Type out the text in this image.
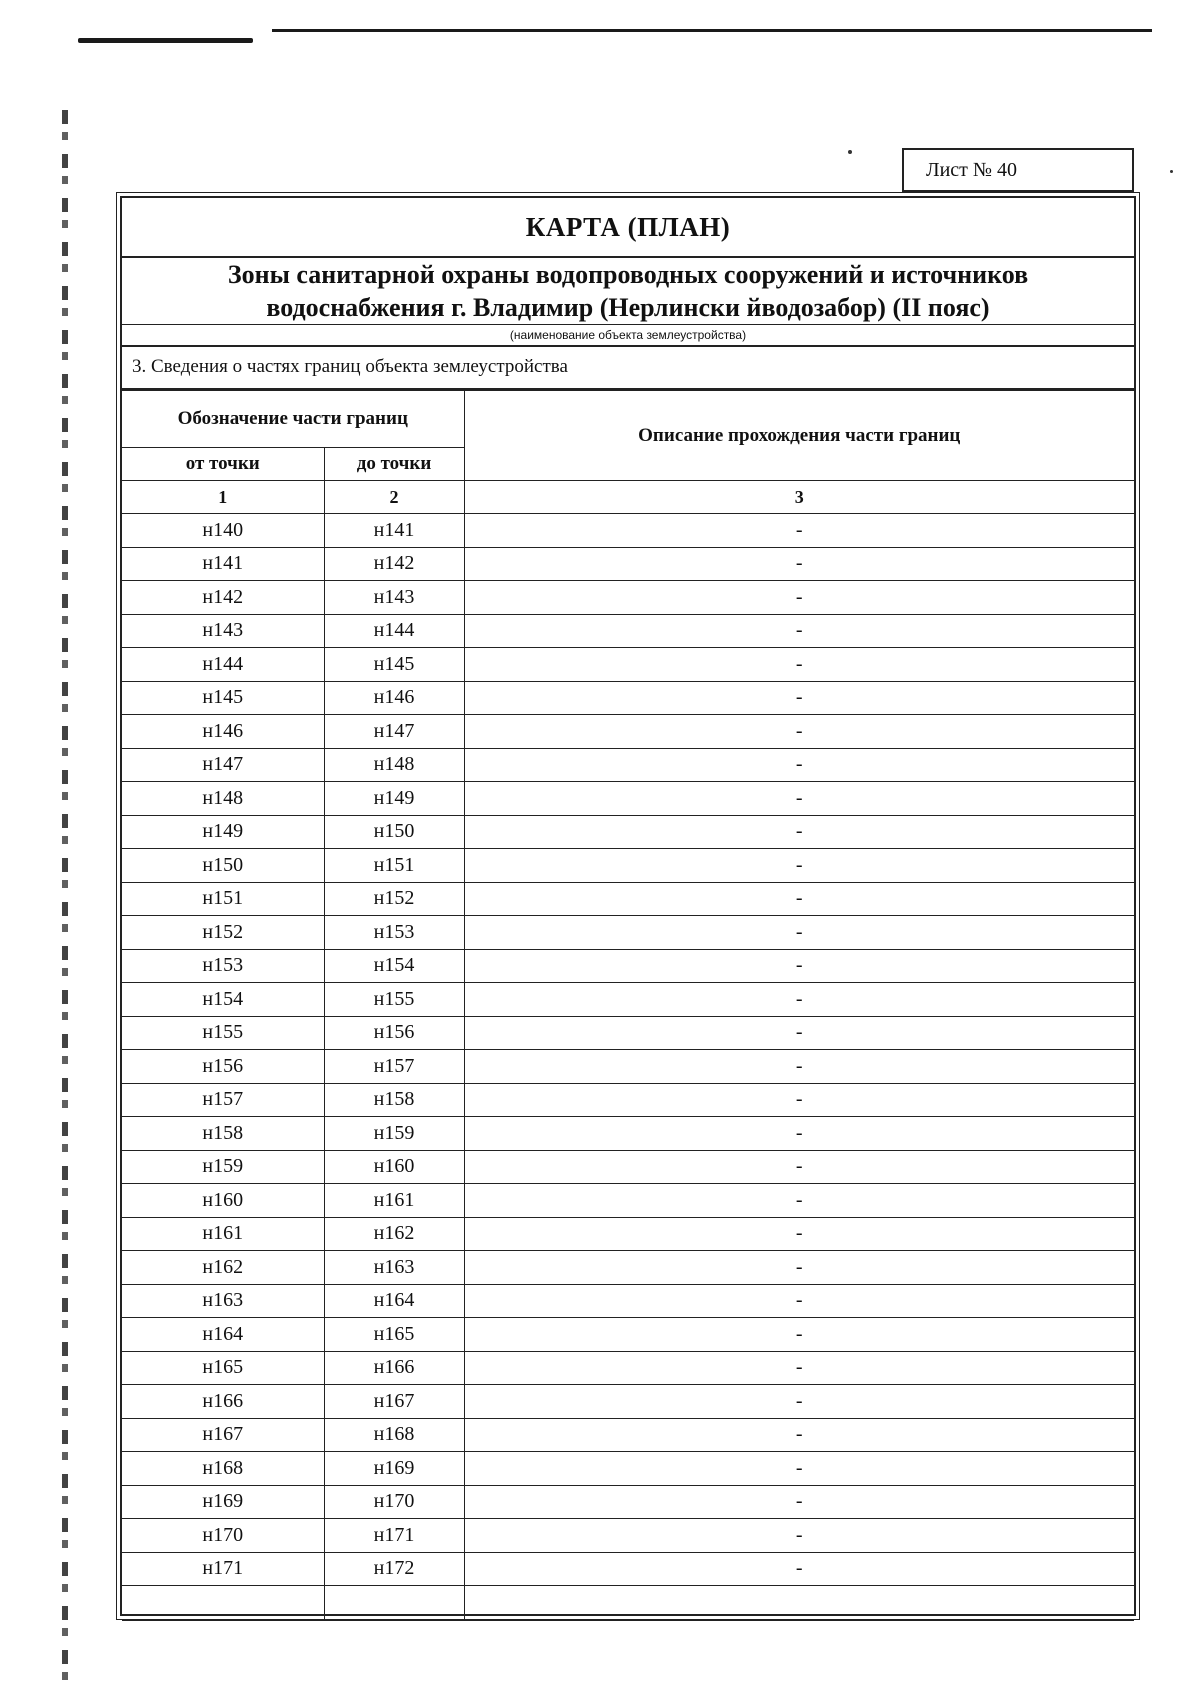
Лист № 40
КАРТА (ПЛАН)
Зоны санитарной охраны водопроводных сооружений и источников
водоснабжения г. Владимир (Нерлински йводозабор) (II пояс)
(наименование объекта землеустройства)
3. Сведения о частях границ объекта землеустройства
Обозначение части границ		Описание прохождения части границ
от точки	до точки	
1	2	3
н140	н141	-
н141	н142	-
н142	н143	-
н143	н144	-
н144	н145	-
н145	н146	-
н146	н147	-
н147	н148	-
н148	н149	-
н149	н150	-
н150	н151	-
н151	н152	-
н152	н153	-
н153	н154	-
н154	н155	-
н155	н156	-
н156	н157	-
н157	н158	-
н158	н159	-
н159	н160	-
н160	н161	-
н161	н162	-
н162	н163	-
н163	н164	-
н164	н165	-
н165	н166	-
н166	н167	-
н167	н168	-
н168	н169	-
н169	н170	-
н170	н171	-
н171	н172	-
